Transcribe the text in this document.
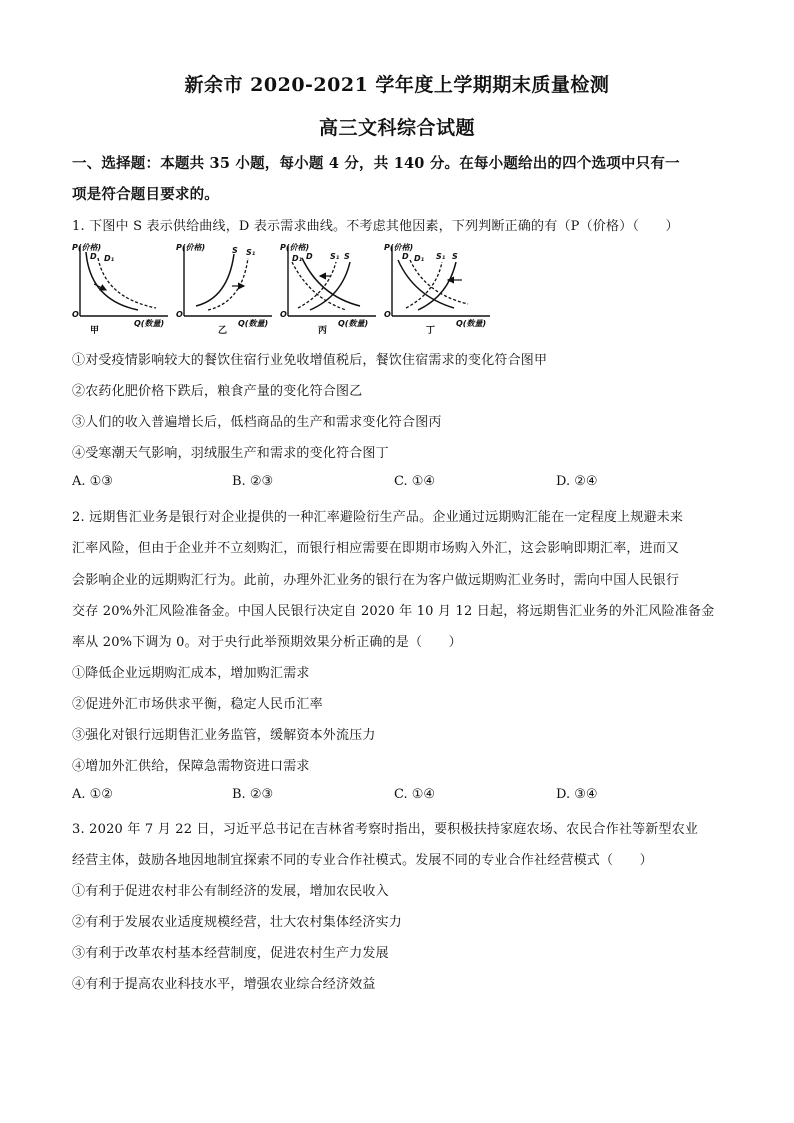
新余市 2020-2021 学年度上学期期末质量检测
高三文科综合试题
一、选择题：本题共 35 小题，每小题 4 分，共 140 分。在每小题给出的四个选项中只有一
项是符合题目要求的。
1. 下图中 S 表示供给曲线，D 表示需求曲线。不考虑其他因素，下列判断正确的有（P（价格）（　　）
P(价格)
D D₁
O
Q(数量)
甲
P(价格)	S S₁
O
Q(数量)
乙
P(价格)
D₁ D S₁ S
O
Q(数量)
丙
P(价格)
D D₁ S₁ S
O
Q(数量)
丁
①对受疫情影响较大的餐饮住宿行业免收增值税后，餐饮住宿需求的变化符合图甲
②农药化肥价格下跌后，粮食产量的变化符合图乙
③人们的收入普遍增长后，低档商品的生产和需求变化符合图丙
④受寒潮天气影响，羽绒服生产和需求的变化符合图丁
A. ①③	B. ②③	C. ①④	D. ②④
2. 远期售汇业务是银行对企业提供的一种汇率避险衍生产品。企业通过远期购汇能在一定程度上规避未来
汇率风险，但由于企业并不立刻购汇，而银行相应需要在即期市场购入外汇，这会影响即期汇率，进而又
会影响企业的远期购汇行为。此前，办理外汇业务的银行在为客户做远期购汇业务时，需向中国人民银行
交存 20%外汇风险准备金。中国人民银行决定自 2020 年 10 月 12 日起，将远期售汇业务的外汇风险准备金
率从 20%下调为 0。对于央行此举预期效果分析正确的是（　　）
①降低企业远期购汇成本，增加购汇需求
②促进外汇市场供求平衡，稳定人民币汇率
③强化对银行远期售汇业务监管，缓解资本外流压力
④增加外汇供给，保障急需物资进口需求
A. ①②	B. ②③	C. ①④	D. ③④
3. 2020 年 7 月 22 日，习近平总书记在吉林省考察时指出，要积极扶持家庭农场、农民合作社等新型农业
经营主体，鼓励各地因地制宜探索不同的专业合作社模式。发展不同的专业合作社经营模式（　　）
①有利于促进农村非公有制经济的发展，增加农民收入
②有利于发展农业适度规模经营，壮大农村集体经济实力
③有利于改革农村基本经营制度，促进农村生产力发展
④有利于提高农业科技水平，增强农业综合经济效益
